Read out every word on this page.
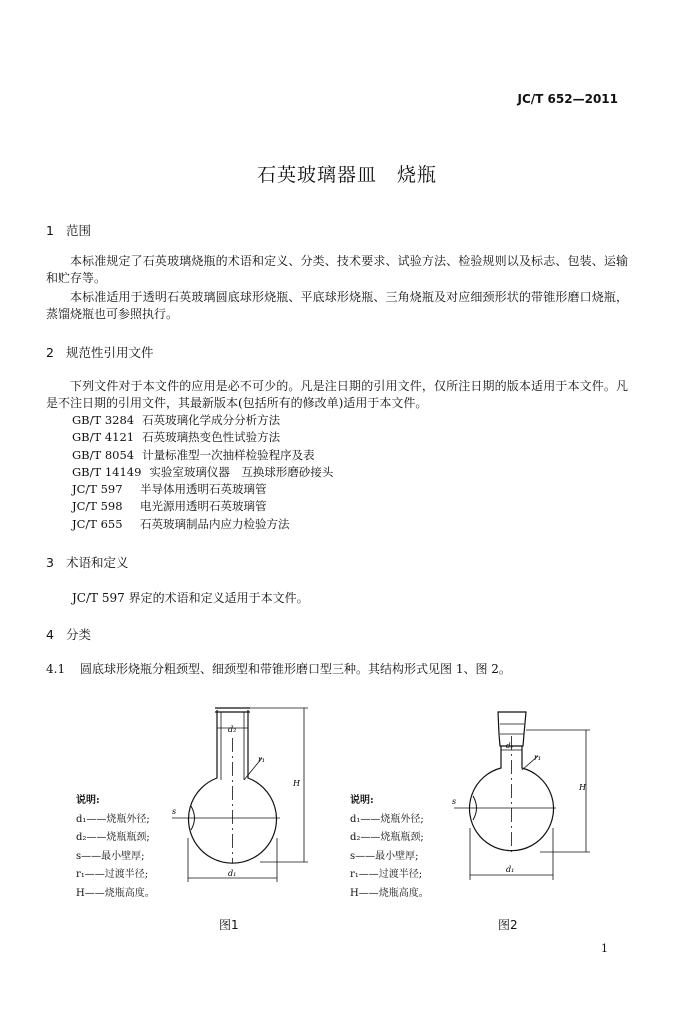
JC/T 652—2011
石英玻璃器皿　烧瓶
1 范围
本标准规定了石英玻璃烧瓶的术语和定义、分类、技术要求、试验方法、检验规则以及标志、包装、运输和贮存等。
本标准适用于透明石英玻璃圆底球形烧瓶、平底球形烧瓶、三角烧瓶及对应细颈形状的带锥形磨口烧瓶，蒸馏烧瓶也可参照执行。
2 规范性引用文件
下列文件对于本文件的应用是必不可少的。凡是注日期的引用文件，仅所注日期的版本适用于本文件。凡是不注日期的引用文件，其最新版本(包括所有的修改单)适用于本文件。
GB/T 3284 石英玻璃化学成分分析方法
GB/T 4121 石英玻璃热变色性试验方法
GB/T 8054 计量标准型一次抽样检验程序及表
GB/T 14149 实验室玻璃仪器　互换球形磨砂接头
JC/T 597 半导体用透明石英玻璃管
JC/T 598 电光源用透明石英玻璃管
JC/T 655 石英玻璃制品内应力检验方法
3 术语和定义
JC/T 597 界定的术语和定义适用于本文件。
4 分类
4.1 圆底球形烧瓶分粗颈型、细颈型和带锥形磨口型三种。其结构形式见图 1、图 2。
说明:
d₁——烧瓶外径;
d₂——烧瓶瓶颈;
s——最小壁厚;
r₁——过渡半径;
H——烧瓶高度。
d₂
d₁
H
s
r₁
图1
说明:
d₁——烧瓶外径;
d₂——烧瓶瓶颈;
s——最小壁厚;
r₁——过渡半径;
H——烧瓶高度。
d₂
d₁
H
s
r₁
图2
1
